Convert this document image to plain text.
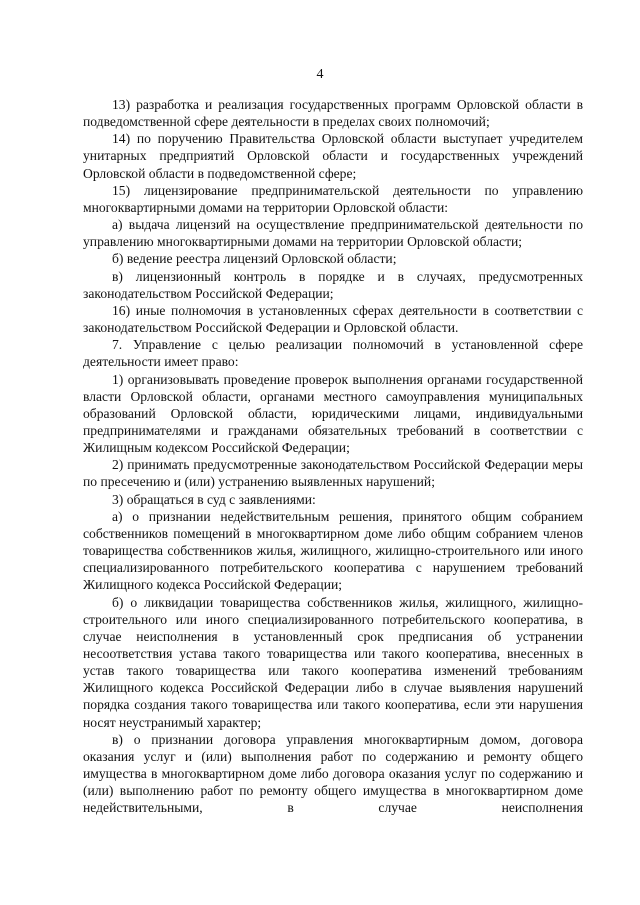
4

13) разработка и реализация государственных программ Орловской области в подведомственной сфере деятельности в пределах своих полномочий;

14) по поручению Правительства Орловской области выступает учредителем унитарных предприятий Орловской области и государственных учреждений Орловской области в подведомственной сфере;

15) лицензирование предпринимательской деятельности по управлению многоквартирными домами на территории Орловской области:

а) выдача лицензий на осуществление предпринимательской деятельности по управлению многоквартирными домами на территории Орловской области;

б) ведение реестра лицензий Орловской области;

в) лицензионный контроль в порядке и в случаях, предусмотренных законодательством Российской Федерации;

16) иные полномочия в установленных сферах деятельности в соответствии с законодательством Российской Федерации и Орловской области.

7. Управление с целью реализации полномочий в установленной сфере деятельности имеет право:

1) организовывать проведение проверок выполнения органами государственной власти Орловской области, органами местного самоуправления муниципальных образований Орловской области, юридическими лицами, индивидуальными предпринимателями и гражданами обязательных требований в соответствии с Жилищным кодексом Российской Федерации;

2) принимать предусмотренные законодательством Российской Федерации меры по пресечению и (или) устранению выявленных нарушений;

3) обращаться в суд с заявлениями:

а) о признании недействительным решения, принятого общим собранием собственников помещений в многоквартирном доме либо общим собранием членов товарищества собственников жилья, жилищного, жилищно-строительного или иного специализированного потребительского кооператива с нарушением требований Жилищного кодекса Российской Федерации;

б) о ликвидации товарищества собственников жилья, жилищного, жилищно-строительного или иного специализированного потребительского кооператива, в случае неисполнения в установленный срок предписания об устранении несоответствия устава такого товарищества или такого кооператива, внесенных в устав такого товарищества или такого кооператива изменений требованиям Жилищного кодекса Российской Федерации либо в случае выявления нарушений порядка создания такого товарищества или такого кооператива, если эти нарушения носят неустранимый характер;

в) о признании договора управления многоквартирным домом, договора оказания услуг и (или) выполнения работ по содержанию и ремонту общего имущества в многоквартирном доме либо договора оказания услуг по содержанию и (или) выполнению работ по ремонту общего имущества в многоквартирном доме недействительными, в случае неисполнения
